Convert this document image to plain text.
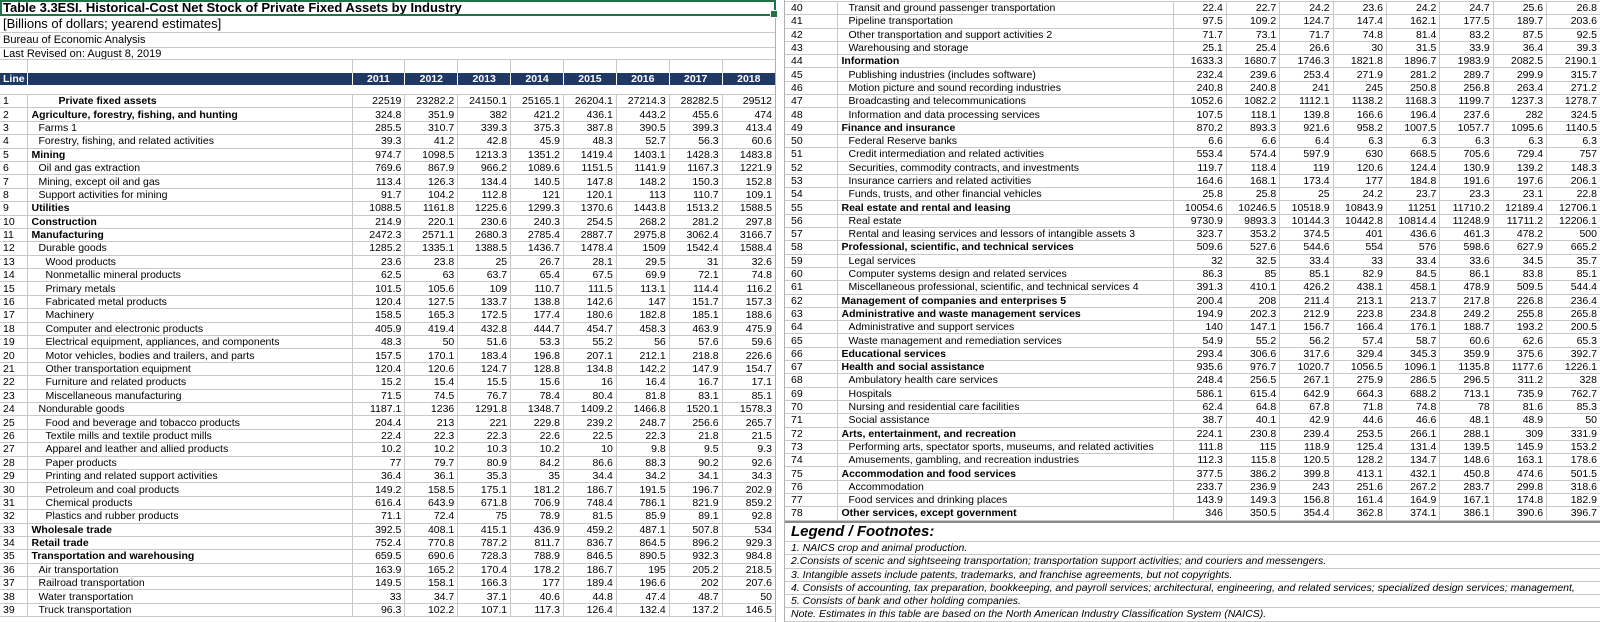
Table 3.3ESI. Historical-Cost Net Stock of Private Fixed Assets by Industry
[Billions of dollars; yearend estimates]
Bureau of Economic Analysis
Last Revised on: August 8, 2019

Line		2011	2012	2013	2014	2015	2016	2017	2018

1	Private fixed assets	22519	23282.2	24150.1	25165.1	26204.1	27214.3	28282.5	29512
2	Agriculture, forestry, fishing, and hunting	324.8	351.9	382	421.2	436.1	443.2	455.6	474
3	Farms 1	285.5	310.7	339.3	375.3	387.8	390.5	399.3	413.4
4	Forestry, fishing, and related activities	39.3	41.2	42.8	45.9	48.3	52.7	56.3	60.6
5	Mining	974.7	1098.5	1213.3	1351.2	1419.4	1403.1	1428.3	1483.8
6	Oil and gas extraction	769.6	867.9	966.2	1089.6	1151.5	1141.9	1167.3	1221.9
7	Mining, except oil and gas	113.4	126.3	134.4	140.5	147.8	148.2	150.3	152.8
8	Support activities for mining	91.7	104.2	112.8	121	120.1	113	110.7	109.1
9	Utilities	1088.5	1161.8	1225.6	1299.3	1370.6	1443.8	1513.2	1588.5
10	Construction	214.9	220.1	230.6	240.3	254.5	268.2	281.2	297.8
11	Manufacturing	2472.3	2571.1	2680.3	2785.4	2887.7	2975.8	3062.4	3166.7
12	Durable goods	1285.2	1335.1	1388.5	1436.7	1478.4	1509	1542.4	1588.4
13	Wood products	23.6	23.8	25	26.7	28.1	29.5	31	32.6
14	Nonmetallic mineral products	62.5	63	63.7	65.4	67.5	69.9	72.1	74.8
15	Primary metals	101.5	105.6	109	110.7	111.5	113.1	114.4	116.2
16	Fabricated metal products	120.4	127.5	133.7	138.8	142.6	147	151.7	157.3
17	Machinery	158.5	165.3	172.5	177.4	180.6	182.8	185.1	188.6
18	Computer and electronic products	405.9	419.4	432.8	444.7	454.7	458.3	463.9	475.9
19	Electrical equipment, appliances, and components	48.3	50	51.6	53.3	55.2	56	57.6	59.6
20	Motor vehicles, bodies and trailers, and parts	157.5	170.1	183.4	196.8	207.1	212.1	218.8	226.6
21	Other transportation equipment	120.4	120.6	124.7	128.8	134.8	142.2	147.9	154.7
22	Furniture and related products	15.2	15.4	15.5	15.6	16	16.4	16.7	17.1
23	Miscellaneous manufacturing	71.5	74.5	76.7	78.4	80.4	81.8	83.1	85.1
24	Nondurable goods	1187.1	1236	1291.8	1348.7	1409.2	1466.8	1520.1	1578.3
25	Food and beverage and tobacco products	204.4	213	221	229.8	239.2	248.7	256.6	265.7
26	Textile mills and textile product mills	22.4	22.3	22.3	22.6	22.5	22.3	21.8	21.5
27	Apparel and leather and allied products	10.2	10.2	10.3	10.2	10	9.8	9.5	9.3
28	Paper products	77	79.7	80.9	84.2	86.6	88.3	90.2	92.6
29	Printing and related support activities	36.4	36.1	35.3	35	34.4	34.2	34.1	34.3
30	Petroleum and coal products	149.2	158.5	175.1	181.2	186.7	191.5	196.7	202.9
31	Chemical products	616.4	643.9	671.8	706.9	748.4	786.1	821.9	859.2
32	Plastics and rubber products	71.1	72.4	75	78.9	81.5	85.9	89.1	92.8
33	Wholesale trade	392.5	408.1	415.1	436.9	459.2	487.1	507.8	534
34	Retail trade	752.4	770.8	787.2	811.7	836.7	864.5	896.2	929.3
35	Transportation and warehousing	659.5	690.6	728.3	788.9	846.5	890.5	932.3	984.8
36	Air transportation	163.9	165.2	170.4	178.2	186.7	195	205.2	218.5
37	Railroad transportation	149.5	158.1	166.3	177	189.4	196.6	202	207.6
38	Water transportation	33	34.7	37.1	40.6	44.8	47.4	48.7	50
39	Truck transportation	96.3	102.2	107.1	117.3	126.4	132.4	137.2	146.5
40	Transit and ground passenger transportation	22.4	22.7	24.2	23.6	24.2	24.7	25.6	26.8
41	Pipeline transportation	97.5	109.2	124.7	147.4	162.1	177.5	189.7	203.6
42	Other transportation and support activities 2	71.7	73.1	71.7	74.8	81.4	83.2	87.5	92.5
43	Warehousing and storage	25.1	25.4	26.6	30	31.5	33.9	36.4	39.3
44	Information	1633.3	1680.7	1746.3	1821.8	1896.7	1983.9	2082.5	2190.1
45	Publishing industries (includes software)	232.4	239.6	253.4	271.9	281.2	289.7	299.9	315.7
46	Motion picture and sound recording industries	240.8	240.8	241	245	250.8	256.8	263.4	271.2
47	Broadcasting and telecommunications	1052.6	1082.2	1112.1	1138.2	1168.3	1199.7	1237.3	1278.7
48	Information and data processing services	107.5	118.1	139.8	166.6	196.4	237.6	282	324.5
49	Finance and insurance	870.2	893.3	921.6	958.2	1007.5	1057.7	1095.6	1140.5
50	Federal Reserve banks	6.6	6.6	6.4	6.3	6.3	6.3	6.3	6.3
51	Credit intermediation and related activities	553.4	574.4	597.9	630	668.5	705.6	729.4	757
52	Securities, commodity contracts, and investments	119.7	118.4	119	120.6	124.4	130.9	139.2	148.3
53	Insurance carriers and related activities	164.6	168.1	173.4	177	184.8	191.6	197.6	206.1
54	Funds, trusts, and other financial vehicles	25.8	25.8	25	24.2	23.7	23.3	23.1	22.8
55	Real estate and rental and leasing	10054.6	10246.5	10518.9	10843.9	11251	11710.2	12189.4	12706.1
56	Real estate	9730.9	9893.3	10144.3	10442.8	10814.4	11248.9	11711.2	12206.1
57	Rental and leasing services and lessors of intangible assets 3	323.7	353.2	374.5	401	436.6	461.3	478.2	500
58	Professional, scientific, and technical services	509.6	527.6	544.6	554	576	598.6	627.9	665.2
59	Legal services	32	32.5	33.4	33	33.4	33.6	34.5	35.7
60	Computer systems design and related services	86.3	85	85.1	82.9	84.5	86.1	83.8	85.1
61	Miscellaneous professional, scientific, and technical services 4	391.3	410.1	426.2	438.1	458.1	478.9	509.5	544.4
62	Management of companies and enterprises 5	200.4	208	211.4	213.1	213.7	217.8	226.8	236.4
63	Administrative and waste management services	194.9	202.3	212.9	223.8	234.8	249.2	255.8	265.8
64	Administrative and support services	140	147.1	156.7	166.4	176.1	188.7	193.2	200.5
65	Waste management and remediation services	54.9	55.2	56.2	57.4	58.7	60.6	62.6	65.3
66	Educational services	293.4	306.6	317.6	329.4	345.3	359.9	375.6	392.7
67	Health and social assistance	935.6	976.7	1020.7	1056.5	1096.1	1135.8	1177.6	1226.1
68	Ambulatory health care services	248.4	256.5	267.1	275.9	286.5	296.5	311.2	328
69	Hospitals	586.1	615.4	642.9	664.3	688.2	713.1	735.9	762.7
70	Nursing and residential care facilities	62.4	64.8	67.8	71.8	74.8	78	81.6	85.3
71	Social assistance	38.7	40.1	42.9	44.6	46.6	48.1	48.9	50
72	Arts, entertainment, and recreation	224.1	230.8	239.4	253.5	266.1	288.1	309	331.9
73	Performing arts, spectator sports, museums, and related activities	111.8	115	118.9	125.4	131.4	139.5	145.9	153.2
74	Amusements, gambling, and recreation industries	112.3	115.8	120.5	128.2	134.7	148.6	163.1	178.6
75	Accommodation and food services	377.5	386.2	399.8	413.1	432.1	450.8	474.6	501.5
76	Accommodation	233.7	236.9	243	251.6	267.2	283.7	299.8	318.6
77	Food services and drinking places	143.9	149.3	156.8	161.4	164.9	167.1	174.8	182.9
78	Other services, except government	346	350.5	354.4	362.8	374.1	386.1	390.6	396.7
Legend / Footnotes:
1. NAICS crop and animal production.
2.Consists of scenic and sightseeing transportation; transportation support activities; and couriers and messengers.
3. Intangible assets include patents, trademarks, and franchise agreements, but not copyrights.
4. Consists of accounting, tax preparation, bookkeeping, and payroll services; architectural, engineering, and related services; specialized design services; management,
5. Consists of bank and other holding companies.
Note. Estimates in this table are based on the North American Industry Classification System (NAICS).
